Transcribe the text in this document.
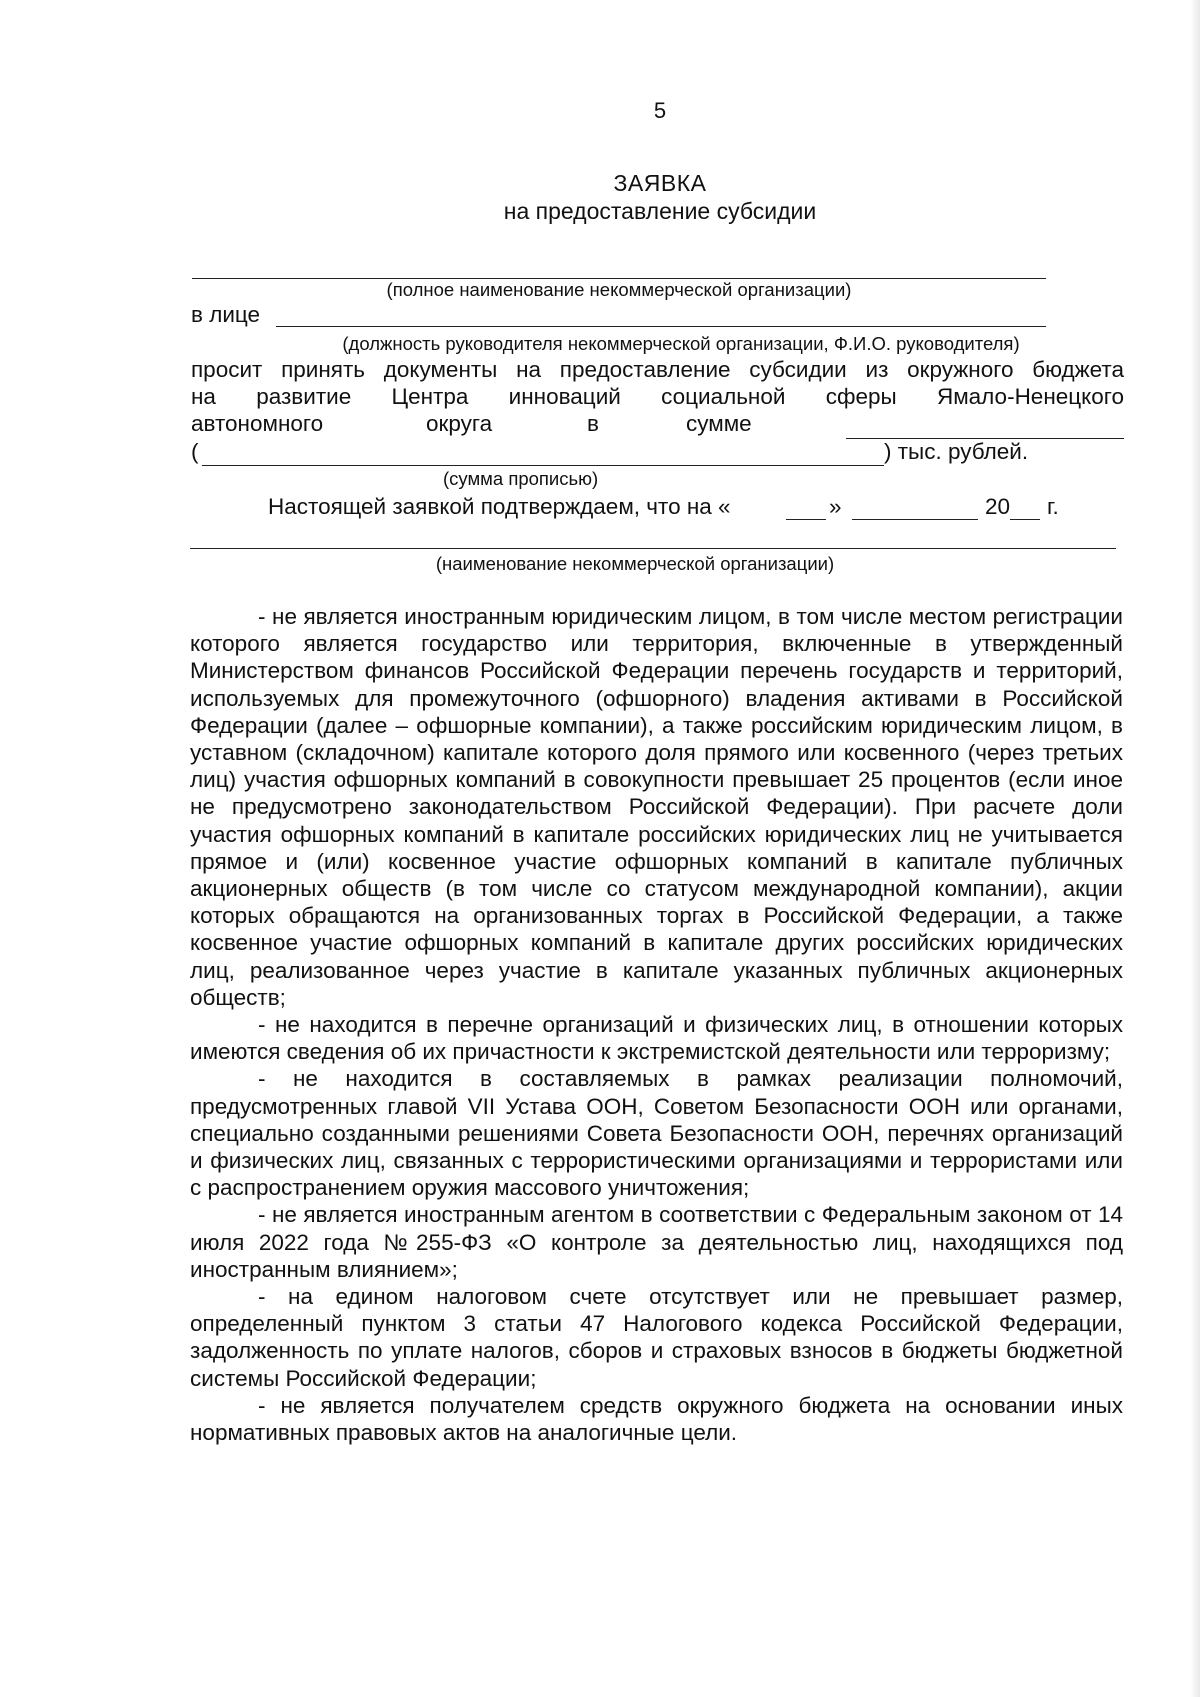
5
ЗАЯВКА
на предоставление субсидии
(полное наименование некоммерческой организации)
в лице
(должность руководителя некоммерческой организации, Ф.И.О. руководителя)
просит принять документы на предоставление субсидии из окружного бюджета
на развитие Центра инноваций социальной сферы Ямало-Ненецкого
автономного	округа	в	сумме
(	) тыс. рублей.
(сумма прописью)
Настоящей заявкой подтверждаем, что на «	»	20 г.
(наименование некоммерческой организации)

- не является иностранным юридическим лицом, в том числе местом регистрации которого является государство или территория, включенные в утвержденный Министерством финансов Российской Федерации перечень государств и территорий, используемых для промежуточного (офшорного) владения активами в Российской Федерации (далее – офшорные компании), а также российским юридическим лицом, в уставном (складочном) капитале которого доля прямого или косвенного (через третьих лиц) участия офшорных компаний в совокупности превышает 25 процентов (если иное не предусмотрено законодательством Российской Федерации). При расчете доли участия офшорных компаний в капитале российских юридических лиц не учитывается прямое и (или) косвенное участие офшорных компаний в капитале публичных акционерных обществ (в том числе со статусом международной компании), акции которых обращаются на организованных торгах в Российской Федерации, а также косвенное участие офшорных компаний в капитале других российских юридических лиц, реализованное через участие в капитале указанных публичных акционерных обществ;

- не находится в перечне организаций и физических лиц, в отношении которых имеются сведения об их причастности к экстремистской деятельности или терроризму;

- не находится в составляемых в рамках реализации полномочий, предусмотренных главой VII Устава ООН, Советом Безопасности ООН или органами, специально созданными решениями Совета Безопасности ООН, перечнях организаций и физических лиц, связанных с террористическими организациями и террористами или с распространением оружия массового уничтожения;

- не является иностранным агентом в соответствии с Федеральным законом от 14 июля 2022 года №255-ФЗ «О контроле за деятельностью лиц, находящихся под иностранным влиянием»;

- на едином налоговом счете отсутствует или не превышает размер, определенный пунктом 3 статьи 47 Налогового кодекса Российской Федерации, задолженность по уплате налогов, сборов и страховых взносов в бюджеты бюджетной системы Российской Федерации;

- не является получателем средств окружного бюджета на основании иных нормативных правовых актов на аналогичные цели.
